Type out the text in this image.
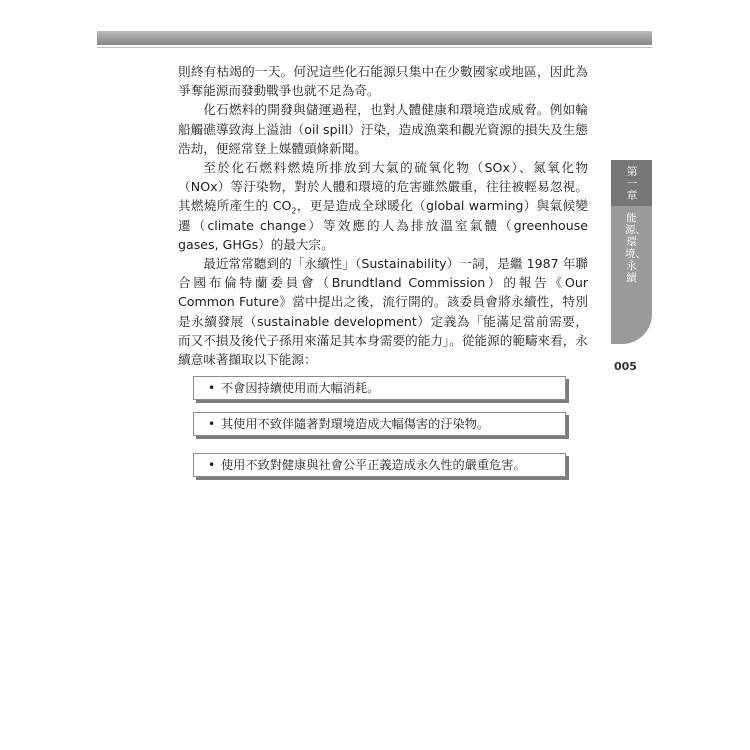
則終有枯竭的一天。何況這些化石能源只集中在少數國家或地區，因此為爭奪能源而發動戰爭也就不足為奇。

化石燃料的開發與儲運過程，也對人體健康和環境造成威脅。例如輪船觸礁導致海上溢油（oil spill）汙染，造成漁業和觀光資源的損失及生態浩劫，便經常登上媒體頭條新聞。

至於化石燃料燃燒所排放到大氣的硫氧化物（SOx）、氮氧化物（NOx）等汙染物，對於人體和環境的危害雖然嚴重，往往被輕易忽視。其燃燒所產生的 $CO_2$，更是造成全球暖化（global warming）與氣候變遷（climate change）等效應的人為排放溫室氣體（greenhouse gases, GHGs）的最大宗。

最近常常聽到的「永續性」（Sustainability）一詞，是繼 1987 年聯合國布倫特蘭委員會（Brundtland Commission）的報告《Our Common Future》當中提出之後，流行開的。該委員會將永續性，特別是永續發展（sustainable development）定義為「能滿足當前需要，而又不損及後代子孫用來滿足其本身需要的能力」。從能源的範疇來看，永續意味著擷取以下能源：

第一章
能源、環境、永續
005
• 不會因持續使用而大幅消耗。
• 其使用不致伴隨著對環境造成大幅傷害的汙染物。
• 使用不致對健康與社會公平正義造成永久性的嚴重危害。
